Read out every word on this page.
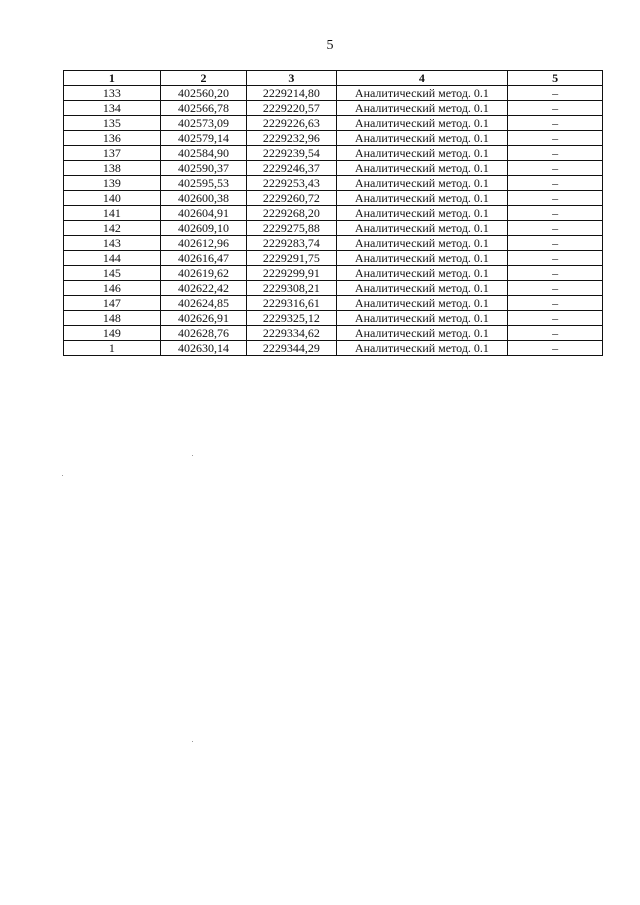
5
1	2	3	4	5
133	402560,20	2229214,80	Аналитический метод. 0.1	–
134	402566,78	2229220,57	Аналитический метод. 0.1	–
135	402573,09	2229226,63	Аналитический метод. 0.1	–
136	402579,14	2229232,96	Аналитический метод. 0.1	–
137	402584,90	2229239,54	Аналитический метод. 0.1	–
138	402590,37	2229246,37	Аналитический метод. 0.1	–
139	402595,53	2229253,43	Аналитический метод. 0.1	–
140	402600,38	2229260,72	Аналитический метод. 0.1	–
141	402604,91	2229268,20	Аналитический метод. 0.1	–
142	402609,10	2229275,88	Аналитический метод. 0.1	–
143	402612,96	2229283,74	Аналитический метод. 0.1	–
144	402616,47	2229291,75	Аналитический метод. 0.1	–
145	402619,62	2229299,91	Аналитический метод. 0.1	–
146	402622,42	2229308,21	Аналитический метод. 0.1	–
147	402624,85	2229316,61	Аналитический метод. 0.1	–
148	402626,91	2229325,12	Аналитический метод. 0.1	–
149	402628,76	2229334,62	Аналитический метод. 0.1	–
1	402630,14	2229344,29	Аналитический метод. 0.1	–
